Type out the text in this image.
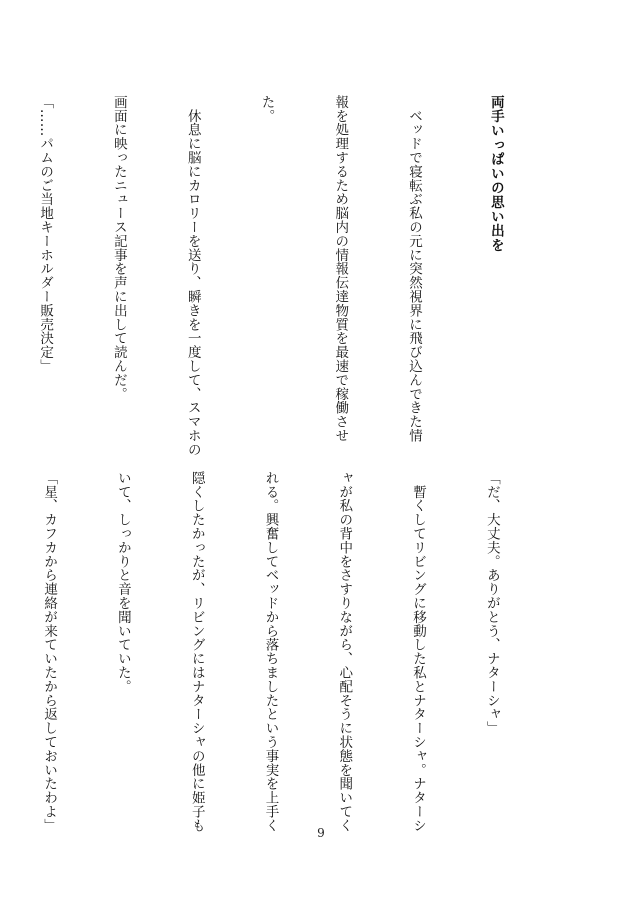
両手いっぱいの思い出を

　ベッドで寝転ぶ私の元に突然視界に飛び込んできた情

報を処理するため脳内の情報伝達物質を最速で稼働させ

た。

　休息に脳にカロリーを送り、瞬きを一度して、スマホの

画面に映ったニュース記事を声に出して読んだ。

「……パムのご当地キーホルダー販売決定」

「だ、大丈夫。ありがとう、ナターシャ」

　暫くしてリビングに移動した私とナターシャ。ナターシ

ャが私の背中をさすりながら、心配そうに状態を聞いてく

れる。興奮してベッドから落ちましたという事実を上手く

隠くしたかったが、リビングにはナターシャの他に姫子も

いて、しっかりと音を聞いていた。

「星、カフカから連絡が来ていたから返しておいたわよ」

9
